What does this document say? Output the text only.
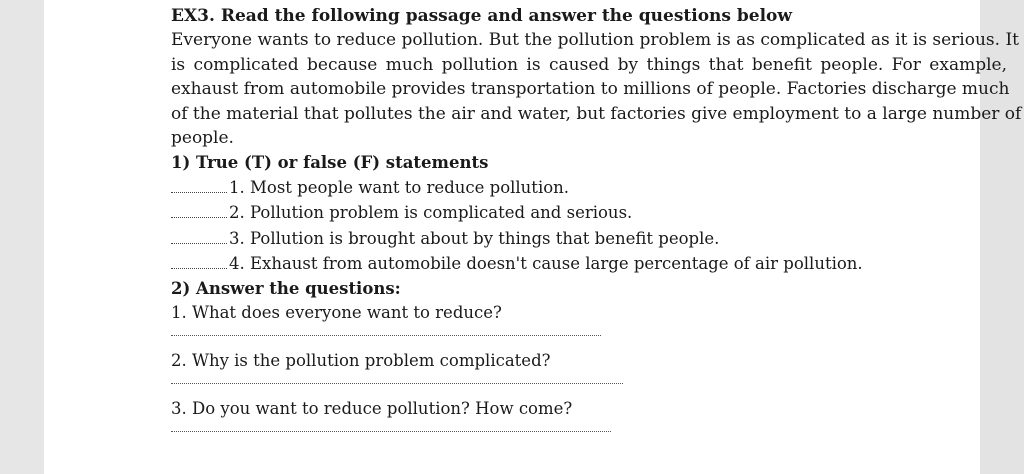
EX3. Read the following passage and answer the questions below

Everyone wants to reduce pollution. But the pollution problem is as complicated as it is serious. It
is complicated because much pollution is caused by things that benefit people. For example,
exhaust from automobile provides transportation to millions of people. Factories discharge much
of the material that pollutes the air and water, but factories give employment to a large number of
people.

1) True (T) or false (F) statements

1. Most people want to reduce pollution.
2. Pollution problem is complicated and serious.
3. Pollution is brought about by things that benefit people.
4. Exhaust from automobile doesn't cause large percentage of air pollution.

2) Answer the questions:

1. What does everyone want to reduce?
2. Why is the pollution problem complicated?
3. Do you want to reduce pollution? How come?
